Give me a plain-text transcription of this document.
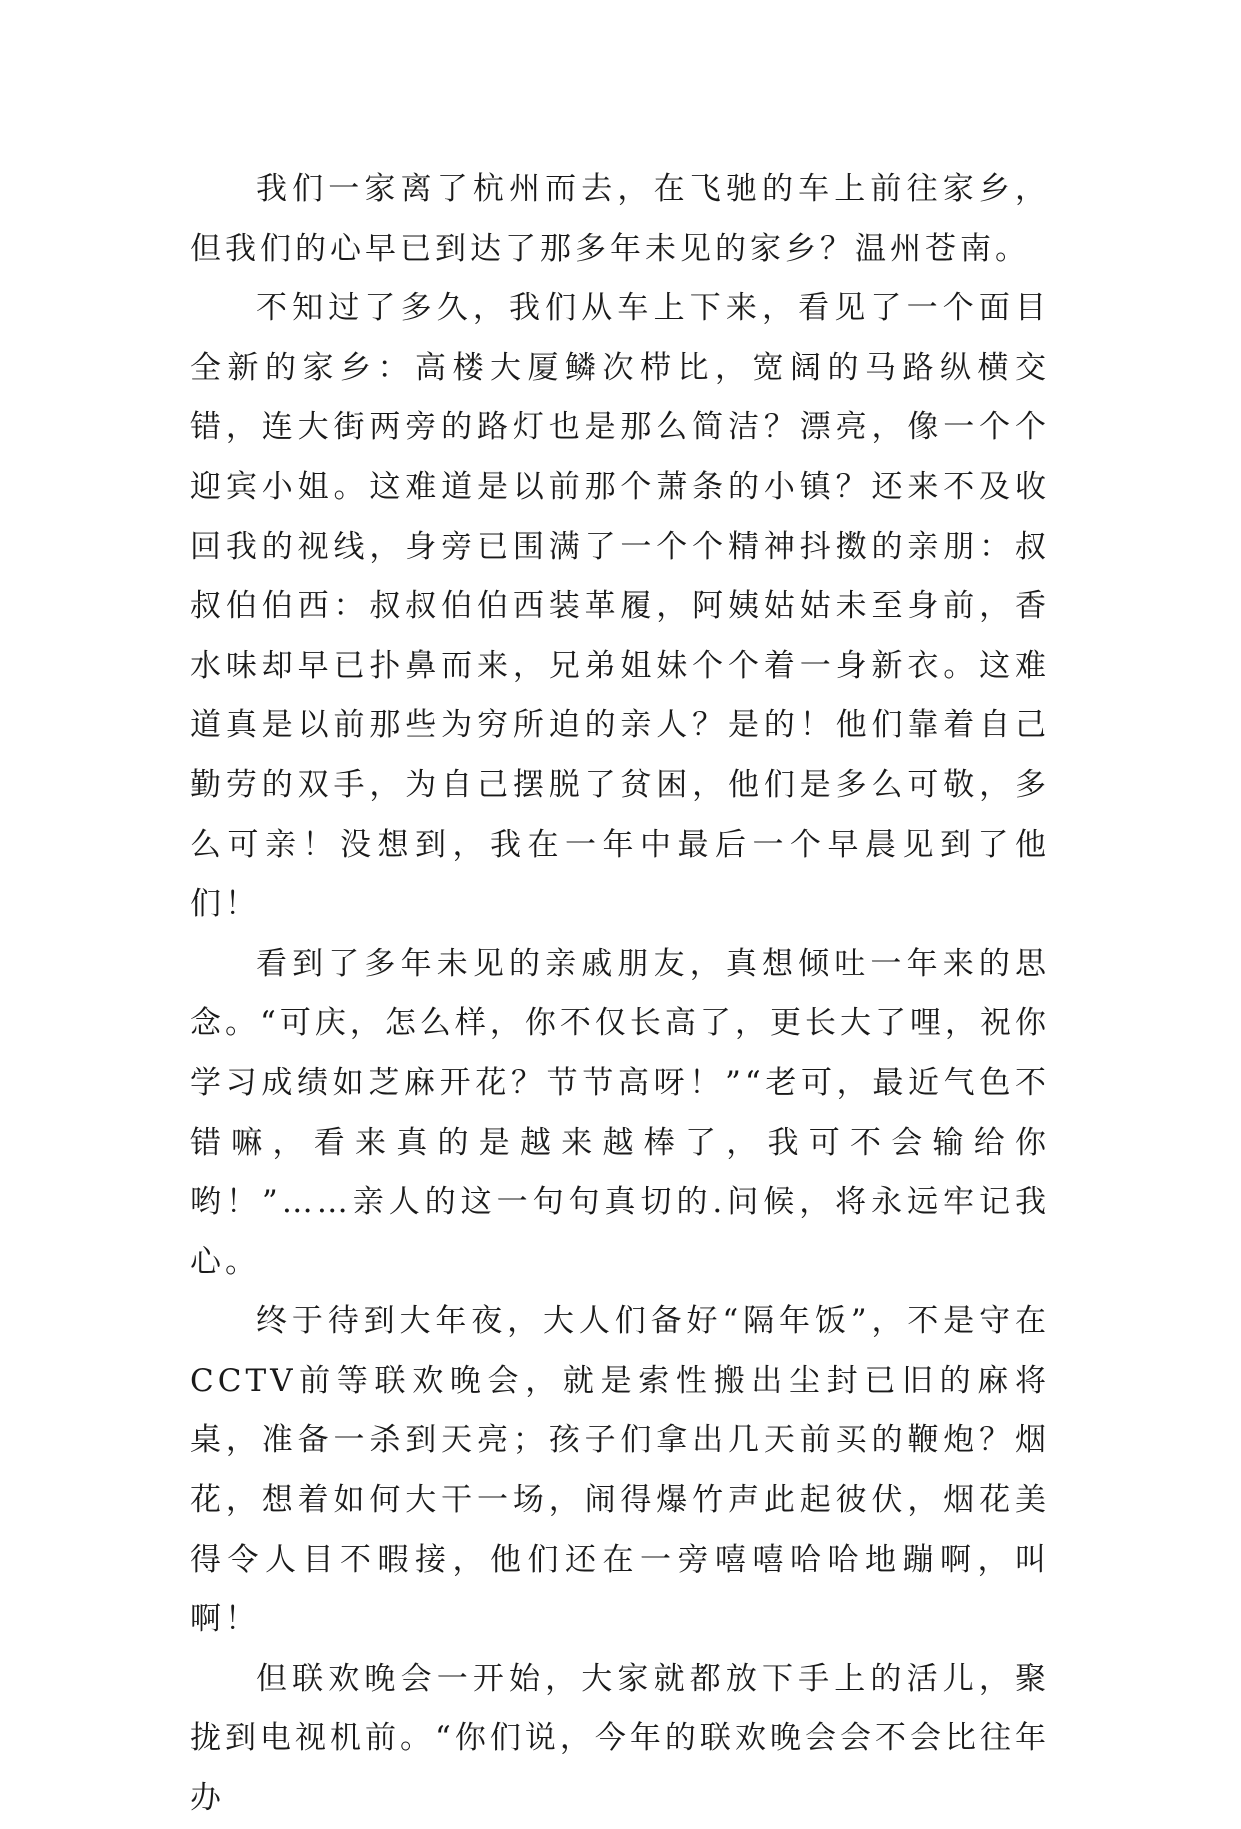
我们一家离了杭州而去，在飞驰的车上前往家乡，但我们的心早已到达了那多年未见的家乡？温州苍南。

不知过了多久，我们从车上下来，看见了一个面目全新的家乡：高楼大厦鳞次栉比，宽阔的马路纵横交错，连大街两旁的路灯也是那么简洁？漂亮，像一个个迎宾小姐。这难道是以前那个萧条的小镇？还来不及收回我的视线，身旁已围满了一个个精神抖擞的亲朋：叔叔伯伯西：叔叔伯伯西装革履，阿姨姑姑未至身前，香水味却早已扑鼻而来，兄弟姐妹个个着一身新衣。这难道真是以前那些为穷所迫的亲人？是的！他们靠着自己勤劳的双手，为自己摆脱了贫困，他们是多么可敬，多么可亲！没想到，我在一年中最后一个早晨见到了他们！

看到了多年未见的亲戚朋友，真想倾吐一年来的思念。“可庆，怎么样，你不仅长高了，更长大了哩，祝你学习成绩如芝麻开花？节节高呀！”“老可，最近气色不错嘛，看来真的是越来越棒了，我可不会输给你哟！”……亲人的这一句句真切的.问候，将永远牢记我心。

终于待到大年夜，大人们备好“隔年饭”，不是守在CCTV前等联欢晚会，就是索性搬出尘封已旧的麻将桌，准备一杀到天亮；孩子们拿出几天前买的鞭炮？烟花，想着如何大干一场，闹得爆竹声此起彼伏，烟花美得令人目不暇接，他们还在一旁嘻嘻哈哈地蹦啊，叫啊！

但联欢晚会一开始，大家就都放下手上的活儿，聚拢到电视机前。“你们说，今年的联欢晚会会不会比往年办
